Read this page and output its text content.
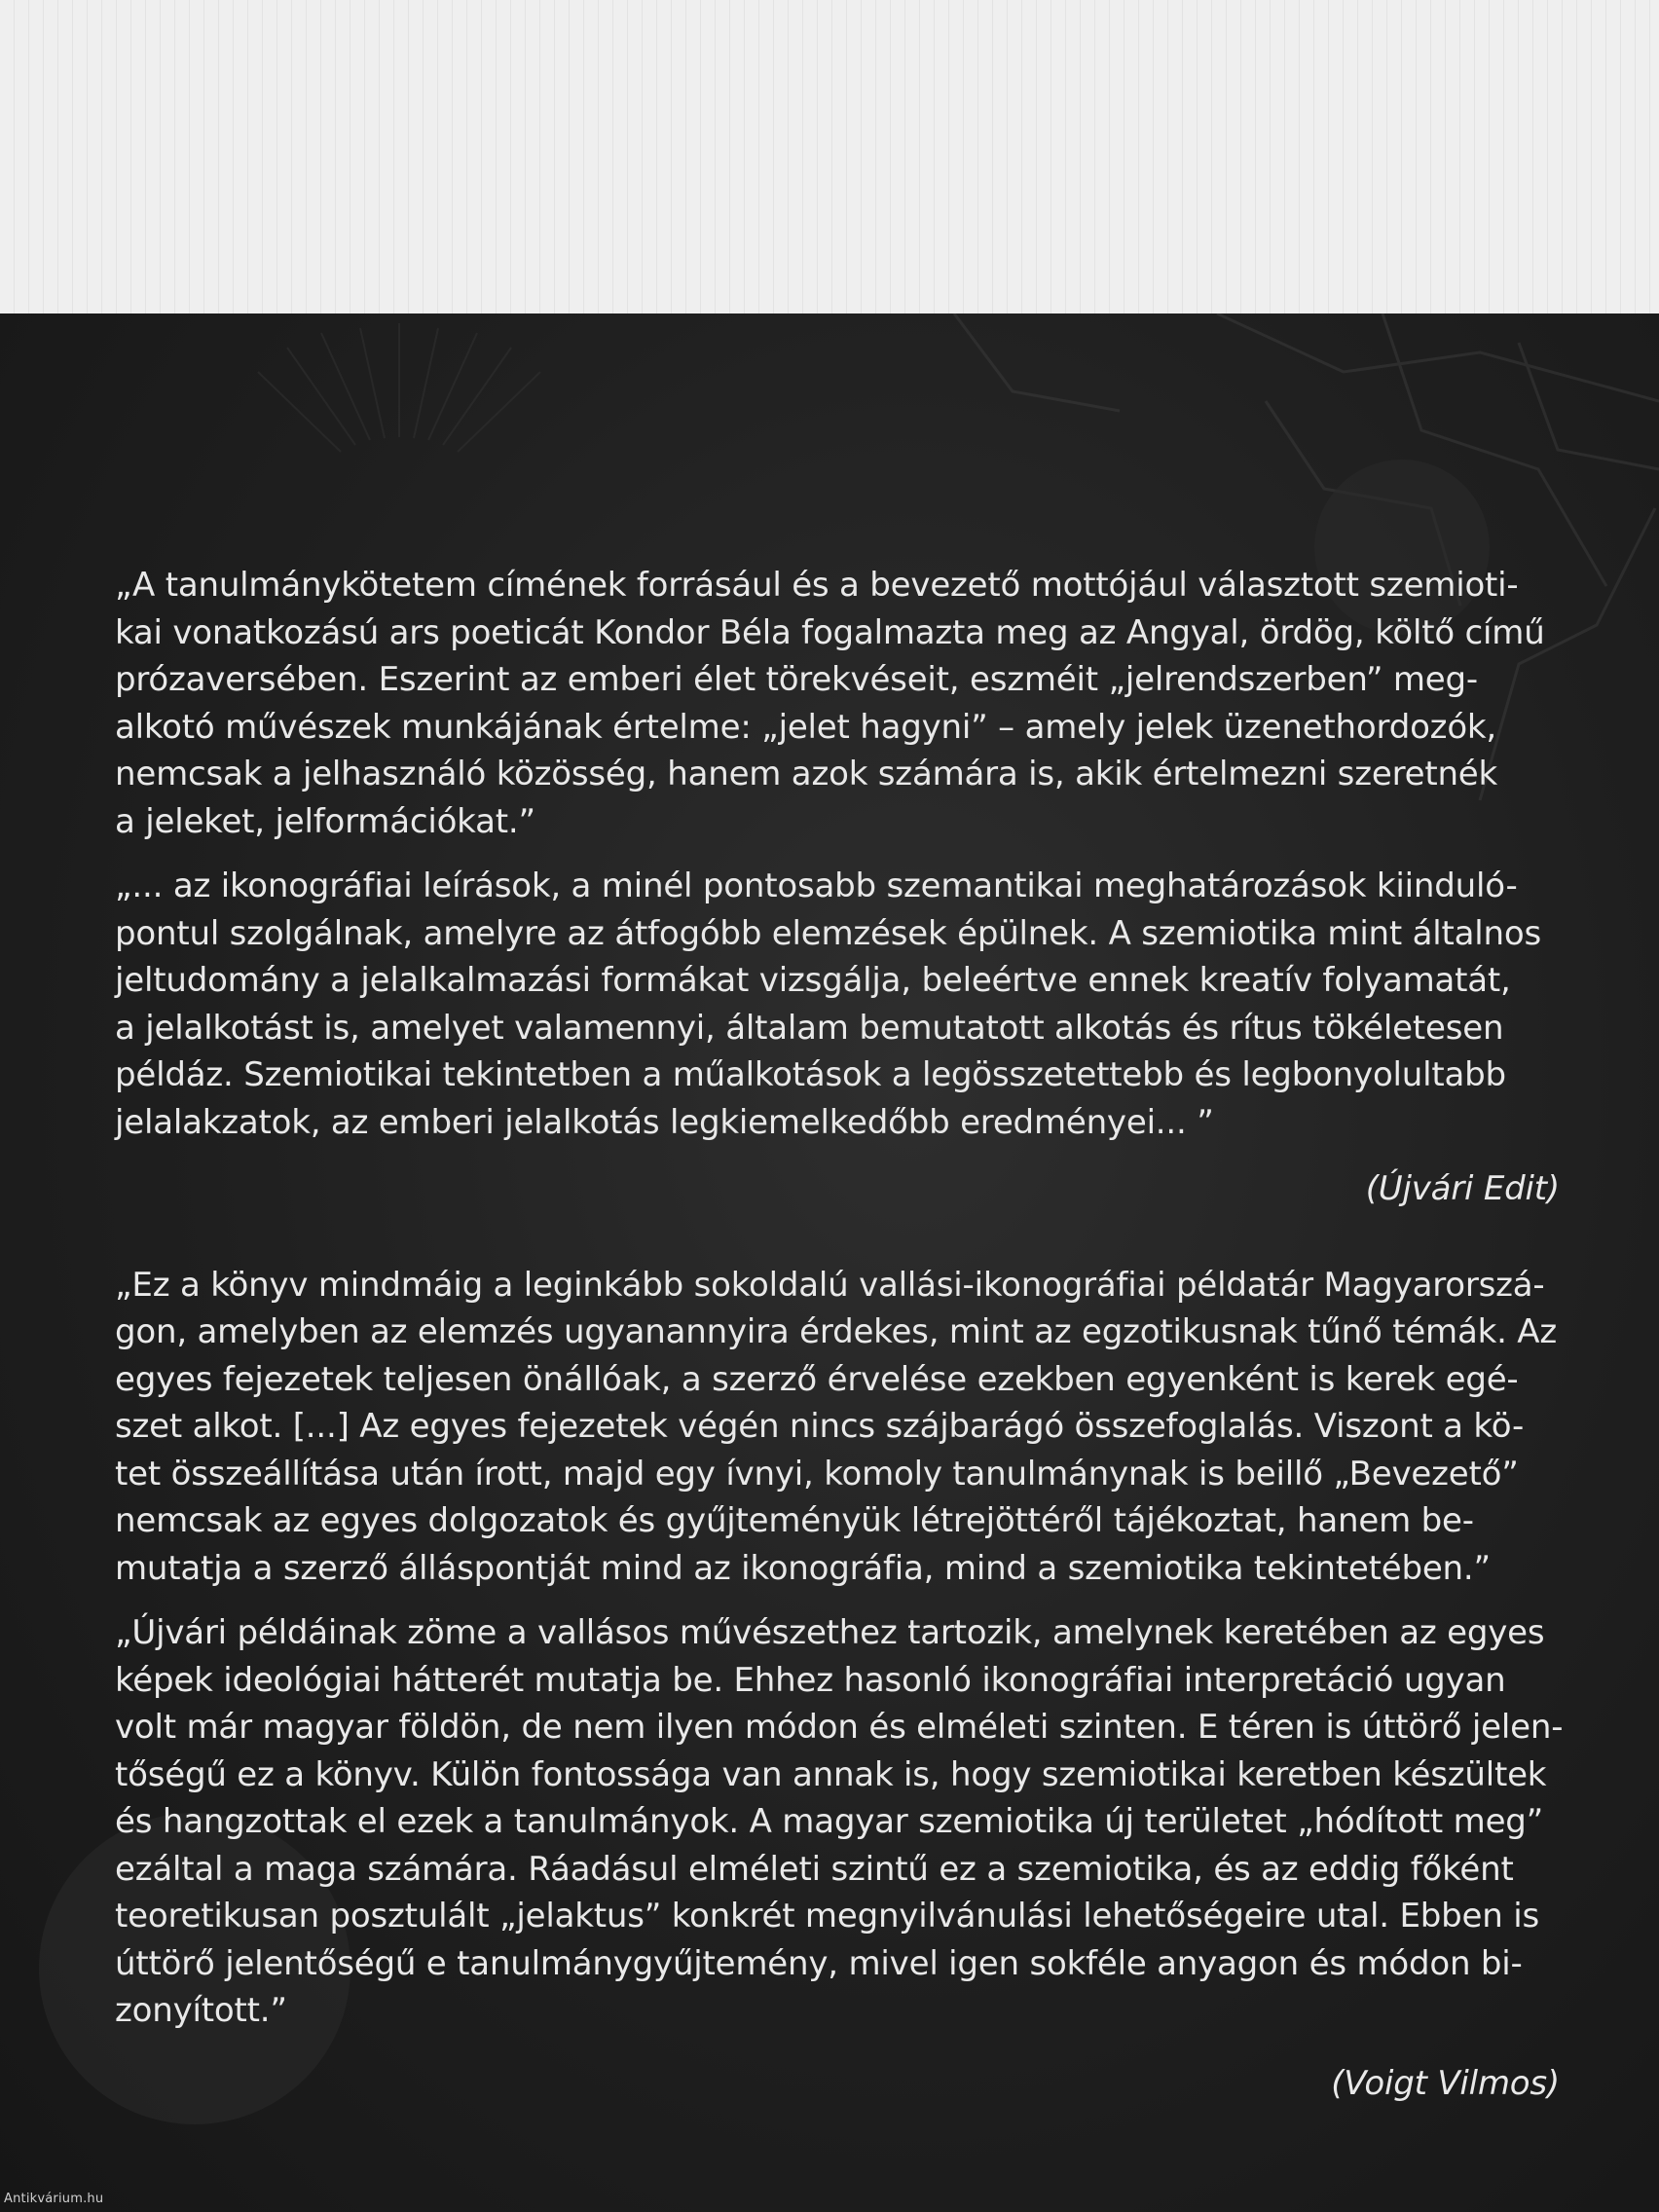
„A tanulmánykötetem címének forrásául és a bevezető mottójául választott szemioti-
kai vonatkozású ars poeticát Kondor Béla fogalmazta meg az Angyal, ördög, költő című
prózaversében. Eszerint az emberi élet törekvéseit, eszméit „jelrendszerben” meg-
alkotó művészek munkájának értelme: „jelet hagyni” – amely jelek üzenethordozók,
nemcsak a jelhasználó közösség, hanem azok számára is, akik értelmezni szeretnék
a jeleket, jelformációkat.”

„... az ikonográfiai leírások, a minél pontosabb szemantikai meghatározások kiinduló-
pontul szolgálnak, amelyre az átfogóbb elemzések épülnek. A szemiotika mint általnos
jeltudomány a jelalkalmazási formákat vizsgálja, beleértve ennek kreatív folyamatát,
a jelalkotást is, amelyet valamennyi, általam bemutatott alkotás és rítus tökéletesen
példáz. Szemiotikai tekintetben a műalkotások a legösszetettebb és legbonyolultabb
jelalakzatok, az emberi jelalkotás legkiemelkedőbb eredményei... ”

(Újvári Edit)

„Ez a könyv mindmáig a leginkább sokoldalú vallási-ikonográfiai példatár Magyarorszá-
gon, amelyben az elemzés ugyanannyira érdekes, mint az egzotikusnak tűnő témák. Az
egyes fejezetek teljesen önállóak, a szerző érvelése ezekben egyenként is kerek egé-
szet alkot. [...] Az egyes fejezetek végén nincs szájbarágó összefoglalás. Viszont a kö-
tet összeállítása után írott, majd egy ívnyi, komoly tanulmánynak is beillő „Bevezető”
nemcsak az egyes dolgozatok és gyűjteményük létrejöttéről tájékoztat, hanem be-
mutatja a szerző álláspontját mind az ikonográfia, mind a szemiotika tekintetében.”

„Újvári példáinak zöme a vallásos művészethez tartozik, amelynek keretében az egyes
képek ideológiai hátterét mutatja be. Ehhez hasonló ikonográfiai interpretáció ugyan
volt már magyar földön, de nem ilyen módon és elméleti szinten. E téren is úttörő jelen-
tőségű ez a könyv. Külön fontossága van annak is, hogy szemiotikai keretben készültek
és hangzottak el ezek a tanulmányok. A magyar szemiotika új területet „hódított meg”
ezáltal a maga számára. Ráadásul elméleti szintű ez a szemiotika, és az eddig főként
teoretikusan posztulált „jelaktus” konkrét megnyilvánulási lehetőségeire utal. Ebben is
úttörő jelentőségű e tanulmánygyűjtemény, mivel igen sokféle anyagon és módon bi-
zonyított.”

(Voigt Vilmos)
Antikvárium.hu
